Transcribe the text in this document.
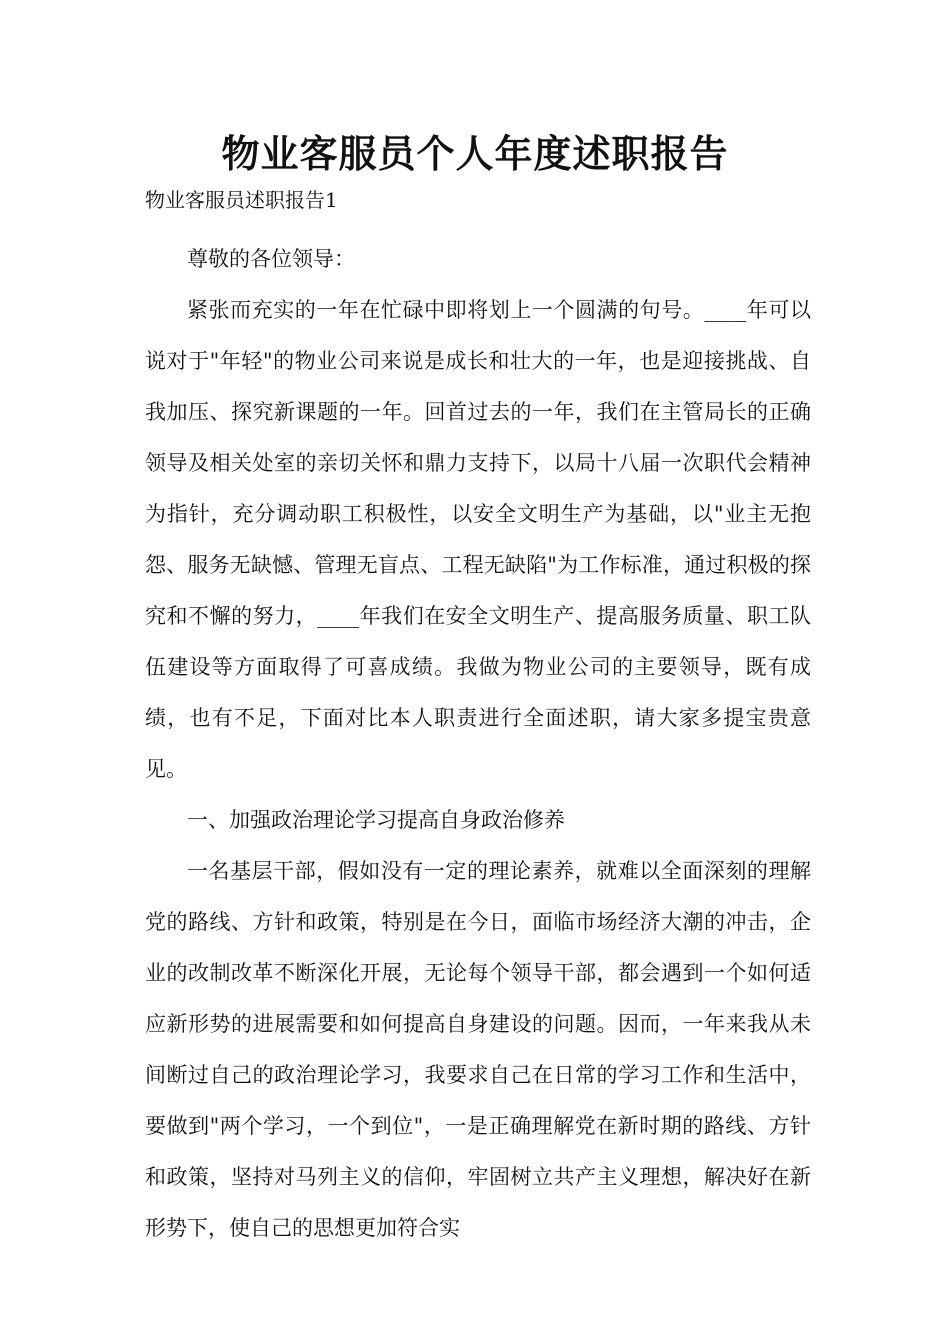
物业客服员个人年度述职报告
物业客服员述职报告1

尊敬的各位领导：

紧张而充实的一年在忙碌中即将划上一个圆满的句号。____年可以说对于"年轻"的物业公司来说是成长和壮大的一年，也是迎接挑战、自我加压、探究新课题的一年。回首过去的一年，我们在主管局长的正确领导及相关处室的亲切关怀和鼎力支持下，以局十八届一次职代会精神为指针，充分调动职工积极性，以安全文明生产为基础，以"业主无抱怨、服务无缺憾、管理无盲点、工程无缺陷"为工作标准，通过积极的探究和不懈的努力，____年我们在安全文明生产、提高服务质量、职工队伍建设等方面取得了可喜成绩。我做为物业公司的主要领导，既有成绩，也有不足，下面对比本人职责进行全面述职，请大家多提宝贵意见。

一、加强政治理论学习提高自身政治修养

一名基层干部，假如没有一定的理论素养，就难以全面深刻的理解党的路线、方针和政策，特别是在今日，面临市场经济大潮的冲击，企业的改制改革不断深化开展，无论每个领导干部，都会遇到一个如何适应新形势的进展需要和如何提高自身建设的问题。因而，一年来我从未间断过自己的政治理论学习，我要求自己在日常的学习工作和生活中，要做到"两个学习，一个到位"，一是正确理解党在新时期的路线、方针和政策，坚持对马列主义的信仰，牢固树立共产主义理想，解决好在新形势下，使自己的思想更加符合实
